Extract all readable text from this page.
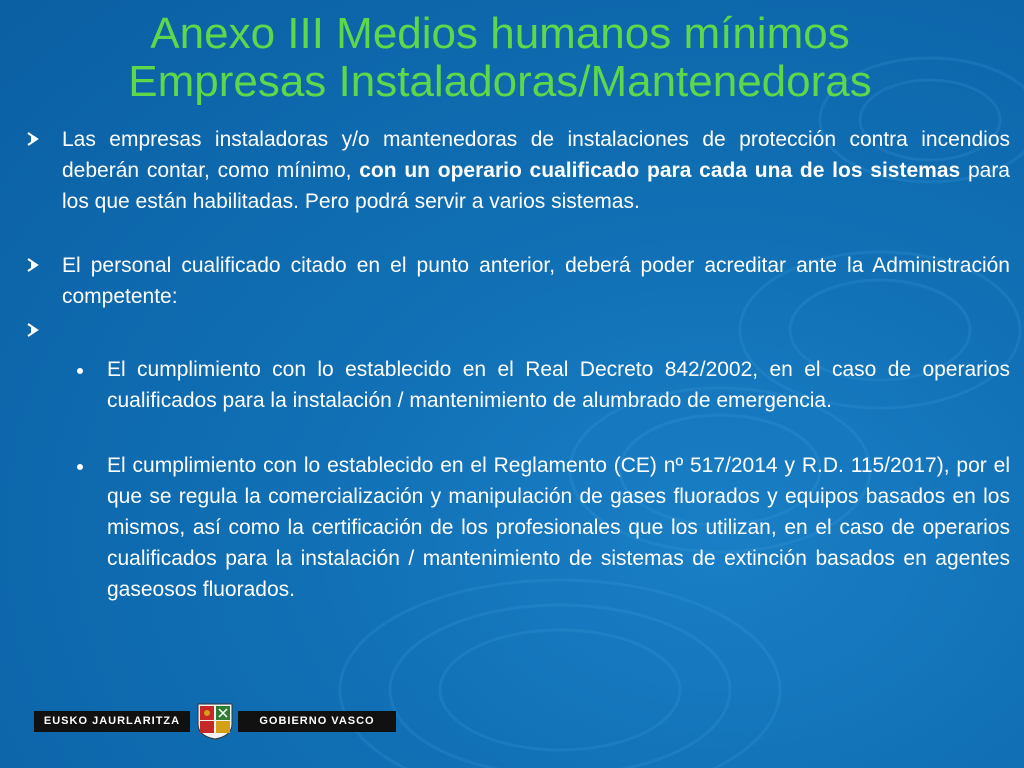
Anexo III Medios humanos mínimos
Empresas Instaladoras/Mantenedoras
Las empresas instaladoras y/o mantenedoras de instalaciones de protección contra incendios deberán contar, como mínimo, con un operario cualificado para cada una de los sistemas para los que están habilitadas. Pero podrá servir a varios sistemas.
El personal cualificado citado en el punto anterior, deberá poder acreditar ante la Administración competente:
El cumplimiento con lo establecido en el Real Decreto 842/2002, en el caso de operarios cualificados para la instalación / mantenimiento de alumbrado de emergencia.
El cumplimiento con lo establecido en el Reglamento (CE) nº 517/2014 y R.D. 115/2017), por el que se regula la comercialización y manipulación de gases fluorados y equipos basados en los mismos, así como la certificación de los profesionales que los utilizan, en el caso de operarios cualificados para la instalación / mantenimiento de sistemas de extinción basados en agentes gaseosos fluorados.
EUSKO JAURLARITZA	GOBIERNO VASCO
